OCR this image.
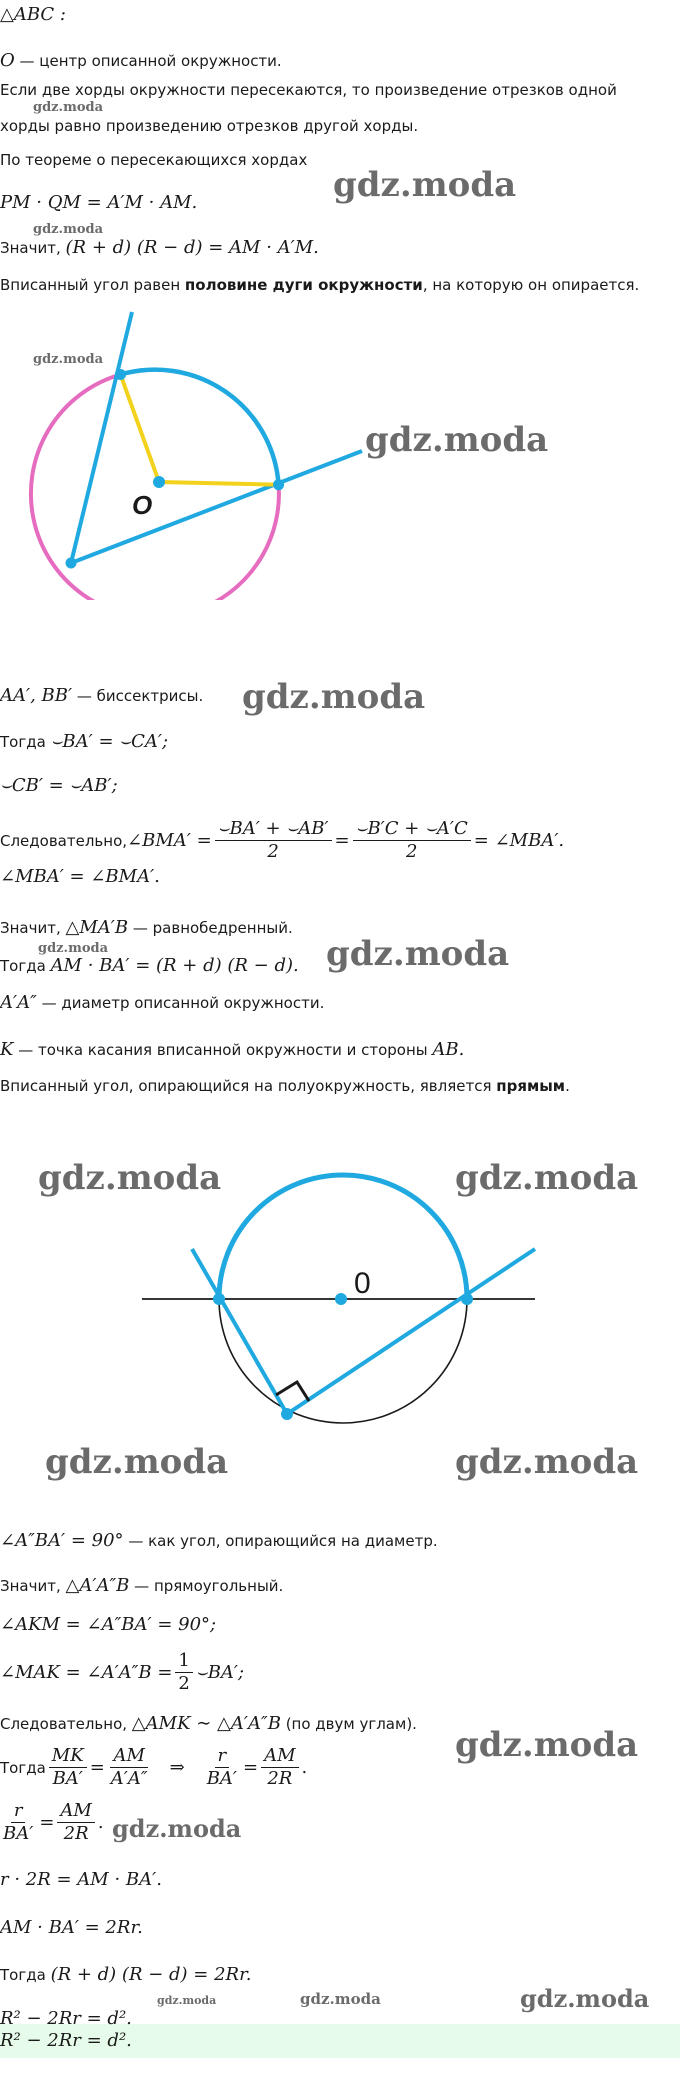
△ABC :
O — центр описанной окружности.
Если две хорды окружности пересекаются, то произведение отрезков одной
хорды равно произведению отрезков другой хорды.
По теореме о пересекающихся хордах
PM · QM = A′M · AM.
Значит, (R + d) (R − d) = AM · A′M.
Вписанный угол равен половине дуги окружности, на которую он опирается.
O
AA′, BB′ — биссектрисы.
Тогда ⌣BA′ = ⌣CA′;
⌣CB′ = ⌣AB′;
Следовательно, ∠BMA′ = $\frac{⌣BA' + ⌣AB'}{2} = \frac{⌣B'C + ⌣A'C}{2}$ = ∠MBA′.
∠MBA′ = ∠BMA′.
Значит, △MA′B — равнобедренный.
Тогда AM · BA′ = (R + d) (R − d).
A′A″ — диаметр описанной окружности.
K — точка касания вписанной окружности и стороны AB.
Вписанный угол, опирающийся на полуокружность, является прямым.
0
∠A″BA′ = 90° — как угол, опирающийся на диаметр.
Значит, △A′A″B — прямоугольный.
∠AKM = ∠A″BA′ = 90°;
∠MAK = ∠A′A″B = $\frac{1}{2}$ ⌣BA′;
Следовательно, △AMK ∼ △A′A″B (по двум углам).
Тогда $\frac{MK}{BA'} = \frac{AM}{A'A''}$ ⇒ $\frac{r}{BA'} = \frac{AM}{2R}$ .
$\frac{r}{BA'} = \frac{AM}{2R}$ .
r · 2R = AM · BA′.
AM · BA′ = 2Rr.
Тогда (R + d) (R − d) = 2Rr.
R² − 2Rr = d².
R² − 2Rr = d².
gdz.moda
gdz.moda
gdz.moda
gdz.moda
gdz.moda
gdz.moda
gdz.moda	gdz.moda
gdz.moda	gdz.moda
gdz.moda	gdz.moda
gdz.moda
gdz.moda
gdz.moda	gdz.moda	gdz.moda
